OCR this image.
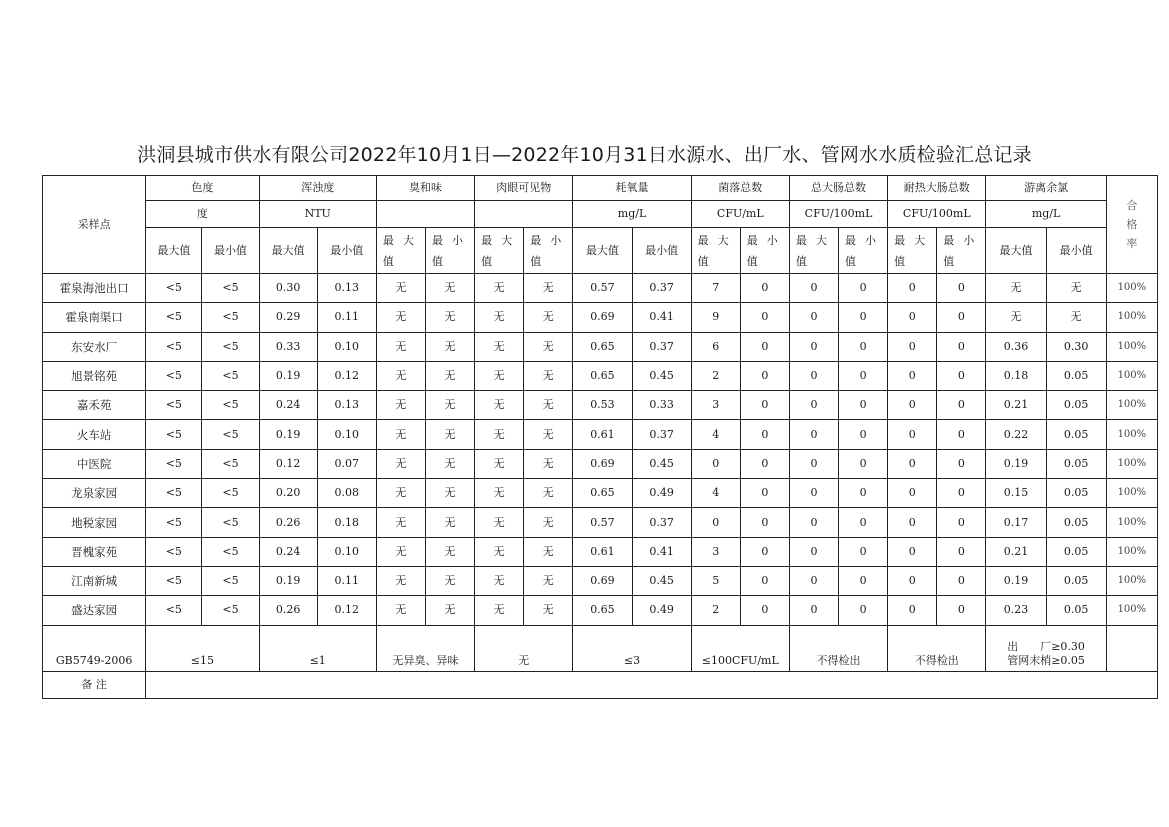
洪洞县城市供水有限公司2022年10月1日—2022年10月31日水源水、出厂水、管网水水质检验汇总记录
采样点	色度		浑浊度		臭和味		肉眼可见物		耗氧量		菌落总数		总大肠总数		耐热大肠总数		游离余氯		合格率
	度		NTU						mg/L		CFU/mL		CFU/100mL		CFU/100mL		mg/L		
	最大值	最小值	最大值	最小值	最大值	最小值	最大值	最小值	最大值	最小值	最大值	最小值	最大值	最小值	最大值	最小值	最大值	最小值	
霍泉海池出口	<5	<5	0.30	0.13	无	无	无	无	0.57	0.37	7	0	0	0	0	0	无	无	100%
霍泉南渠口	<5	<5	0.29	0.11	无	无	无	无	0.69	0.41	9	0	0	0	0	0	无	无	100%
东安水厂	<5	<5	0.33	0.10	无	无	无	无	0.65	0.37	6	0	0	0	0	0	0.36	0.30	100%
旭景铭苑	<5	<5	0.19	0.12	无	无	无	无	0.65	0.45	2	0	0	0	0	0	0.18	0.05	100%
嘉禾苑	<5	<5	0.24	0.13	无	无	无	无	0.53	0.33	3	0	0	0	0	0	0.21	0.05	100%
火车站	<5	<5	0.19	0.10	无	无	无	无	0.61	0.37	4	0	0	0	0	0	0.22	0.05	100%
中医院	<5	<5	0.12	0.07	无	无	无	无	0.69	0.45	0	0	0	0	0	0	0.19	0.05	100%
龙泉家园	<5	<5	0.20	0.08	无	无	无	无	0.65	0.49	4	0	0	0	0	0	0.15	0.05	100%
地税家园	<5	<5	0.26	0.18	无	无	无	无	0.57	0.37	0	0	0	0	0	0	0.17	0.05	100%
晋槐家苑	<5	<5	0.24	0.10	无	无	无	无	0.61	0.41	3	0	0	0	0	0	0.21	0.05	100%
江南新城	<5	<5	0.19	0.11	无	无	无	无	0.69	0.45	5	0	0	0	0	0	0.19	0.05	100%
盛达家园	<5	<5	0.26	0.12	无	无	无	无	0.65	0.49	2	0	0	0	0	0	0.23	0.05	100%
GB5749-2006	≤15		≤1		无异臭、异味		无		≤3		≤100CFU/mL		不得检出		不得检出		出　　厂≥0.30
管网末梢≥0.05		

备 注																			
